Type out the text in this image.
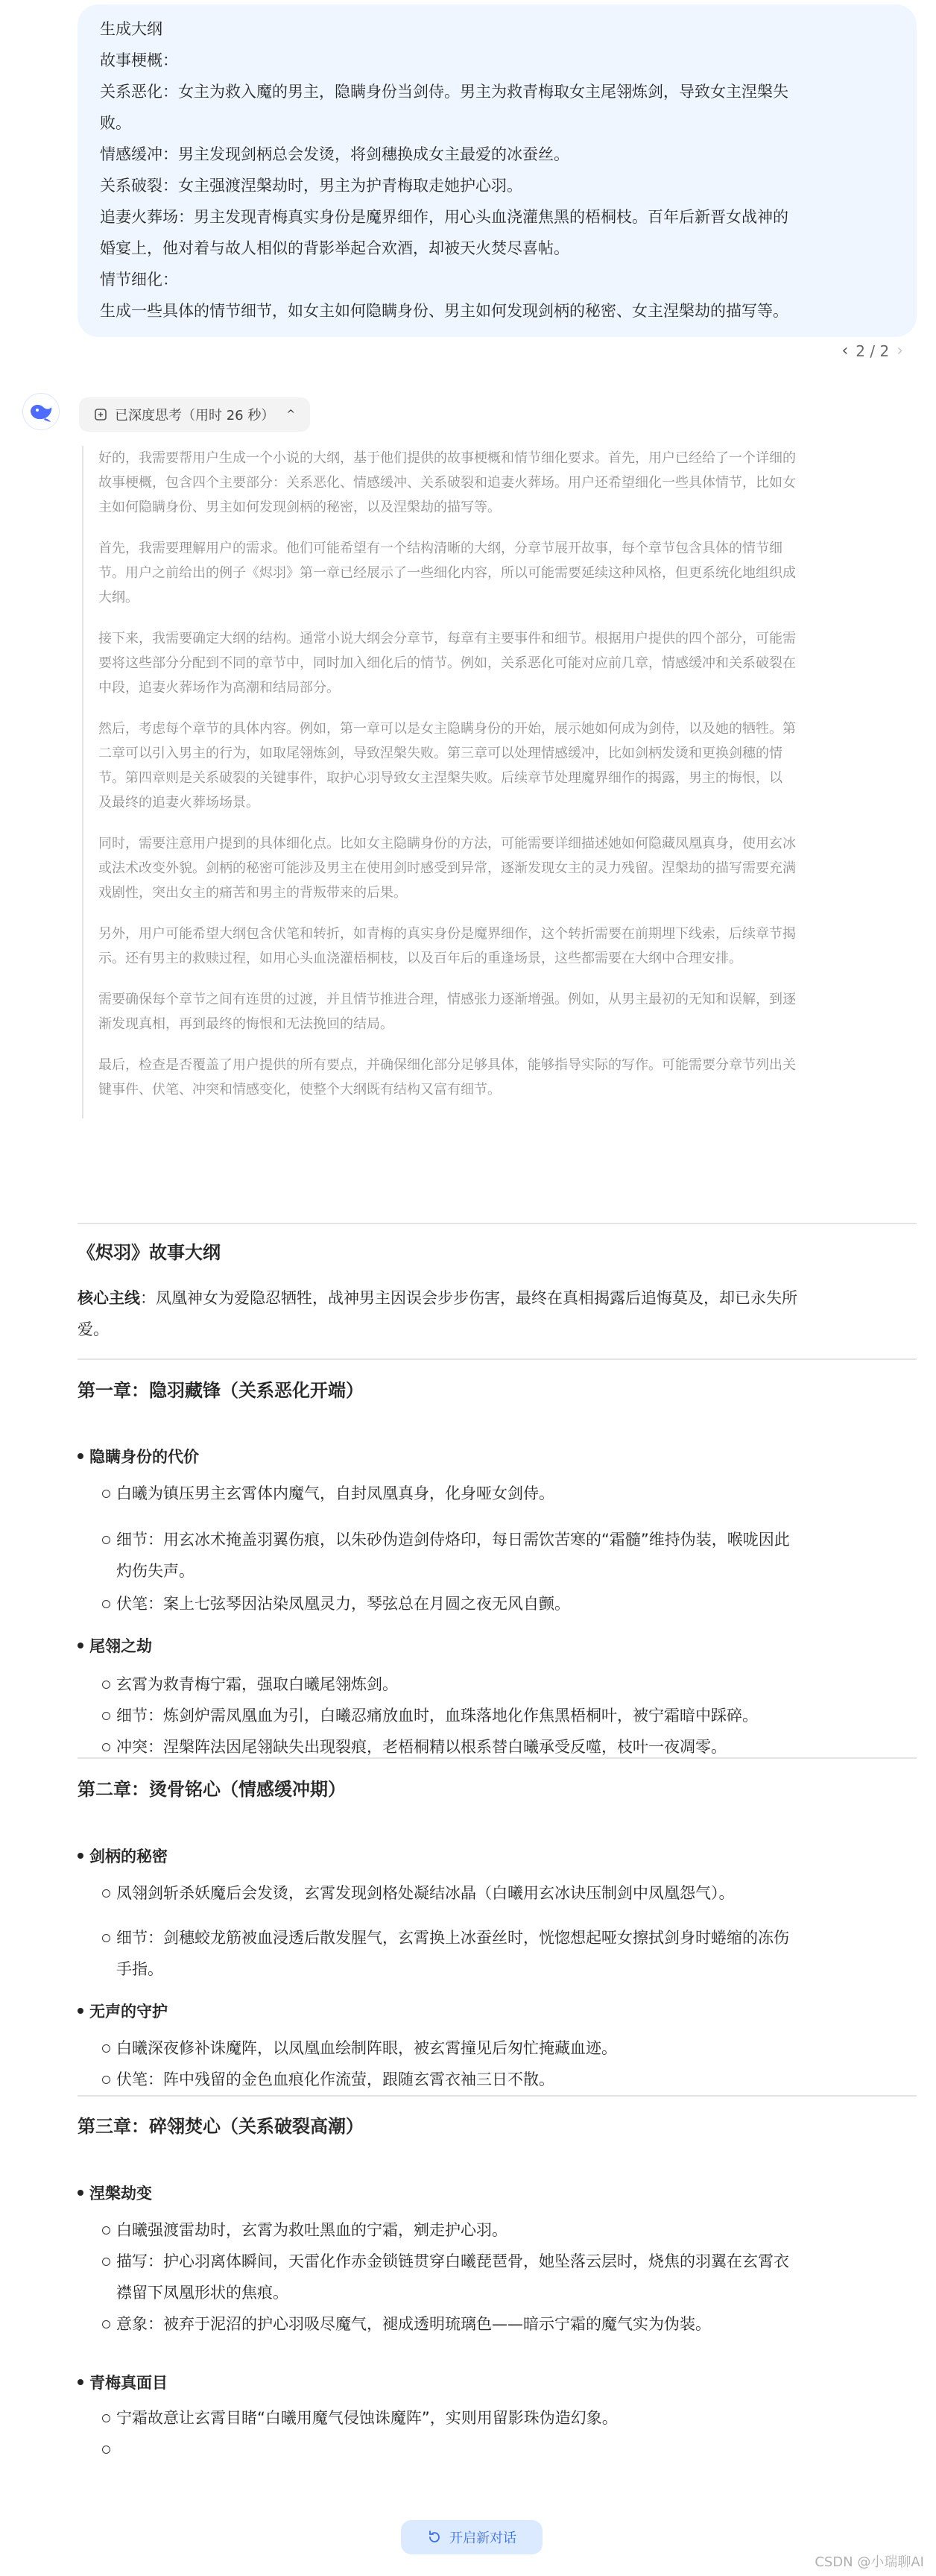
生成大纲

故事梗概：

关系恶化：女主为救入魔的男主，隐瞒身份当剑侍。男主为救青梅取女主尾翎炼剑，导致女主涅槃失

败。

情感缓冲：男主发现剑柄总会发烫，将剑穗换成女主最爱的冰蚕丝。

关系破裂：女主强渡涅槃劫时，男主为护青梅取走她护心羽。

追妻火葬场：男主发现青梅真实身份是魔界细作，用心头血浇灌焦黑的梧桐枝。百年后新晋女战神的

婚宴上，他对着与故人相似的背影举起合欢酒，却被天火焚尽喜帖。

情节细化：

生成一些具体的情节细节，如女主如何隐瞒身份、男主如何发现剑柄的秘密、女主涅槃劫的描写等。

‹ 2 / 2 ›
已深度思考（用时 26 秒） ^

好的，我需要帮用户生成一个小说的大纲，基于他们提供的故事梗概和情节细化要求。首先，用户已经给了一个详细的
故事梗概，包含四个主要部分：关系恶化、情感缓冲、关系破裂和追妻火葬场。用户还希望细化一些具体情节，比如女
主如何隐瞒身份、男主如何发现剑柄的秘密，以及涅槃劫的描写等。

首先，我需要理解用户的需求。他们可能希望有一个结构清晰的大纲，分章节展开故事，每个章节包含具体的情节细
节。用户之前给出的例子《烬羽》第一章已经展示了一些细化内容，所以可能需要延续这种风格，但更系统化地组织成
大纲。

接下来，我需要确定大纲的结构。通常小说大纲会分章节，每章有主要事件和细节。根据用户提供的四个部分，可能需
要将这些部分分配到不同的章节中，同时加入细化后的情节。例如，关系恶化可能对应前几章，情感缓冲和关系破裂在
中段，追妻火葬场作为高潮和结局部分。

然后，考虑每个章节的具体内容。例如，第一章可以是女主隐瞒身份的开始，展示她如何成为剑侍，以及她的牺牲。第
二章可以引入男主的行为，如取尾翎炼剑，导致涅槃失败。第三章可以处理情感缓冲，比如剑柄发烫和更换剑穗的情
节。第四章则是关系破裂的关键事件，取护心羽导致女主涅槃失败。后续章节处理魔界细作的揭露，男主的悔恨，以
及最终的追妻火葬场场景。

同时，需要注意用户提到的具体细化点。比如女主隐瞒身份的方法，可能需要详细描述她如何隐藏凤凰真身，使用玄冰
或法术改变外貌。剑柄的秘密可能涉及男主在使用剑时感受到异常，逐渐发现女主的灵力残留。涅槃劫的描写需要充满
戏剧性，突出女主的痛苦和男主的背叛带来的后果。

另外，用户可能希望大纲包含伏笔和转折，如青梅的真实身份是魔界细作，这个转折需要在前期埋下线索，后续章节揭
示。还有男主的救赎过程，如用心头血浇灌梧桐枝，以及百年后的重逢场景，这些都需要在大纲中合理安排。

需要确保每个章节之间有连贯的过渡，并且情节推进合理，情感张力逐渐增强。例如，从男主最初的无知和误解，到逐
渐发现真相，再到最终的悔恨和无法挽回的结局。

最后，检查是否覆盖了用户提供的所有要点，并确保细化部分足够具体，能够指导实际的写作。可能需要分章节列出关
键事件、伏笔、冲突和情感变化，使整个大纲既有结构又富有细节。

《烬羽》故事大纲
核心主线：凤凰神女为爱隐忍牺牲，战神男主因误会步步伤害，最终在真相揭露后追悔莫及，却已永失所
爱。
第一章：隐羽藏锋（关系恶化开端）
隐瞒身份的代价
白曦为镇压男主玄霄体内魔气，自封凤凰真身，化身哑女剑侍。
细节：用玄冰术掩盖羽翼伤痕，以朱砂伪造剑侍烙印，每日需饮苦寒的“霜髓”维持伪装，喉咙因此
灼伤失声。
伏笔：案上七弦琴因沾染凤凰灵力，琴弦总在月圆之夜无风自颤。
尾翎之劫
玄霄为救青梅宁霜，强取白曦尾翎炼剑。
细节：炼剑炉需凤凰血为引，白曦忍痛放血时，血珠落地化作焦黑梧桐叶，被宁霜暗中踩碎。
冲突：涅槃阵法因尾翎缺失出现裂痕，老梧桐精以根系替白曦承受反噬，枝叶一夜凋零。
第二章：烫骨铭心（情感缓冲期）
剑柄的秘密
凤翎剑斩杀妖魔后会发烫，玄霄发现剑格处凝结冰晶（白曦用玄冰诀压制剑中凤凰怨气）。
细节：剑穗蛟龙筋被血浸透后散发腥气，玄霄换上冰蚕丝时，恍惚想起哑女擦拭剑身时蜷缩的冻伤
手指。
无声的守护
白曦深夜修补诛魔阵，以凤凰血绘制阵眼，被玄霄撞见后匆忙掩藏血迹。
伏笔：阵中残留的金色血痕化作流萤，跟随玄霄衣袖三日不散。
第三章：碎翎焚心（关系破裂高潮）
涅槃劫变
白曦强渡雷劫时，玄霄为救吐黑血的宁霜，剜走护心羽。
描写：护心羽离体瞬间，天雷化作赤金锁链贯穿白曦琵琶骨，她坠落云层时，烧焦的羽翼在玄霄衣
襟留下凤凰形状的焦痕。
意象：被弃于泥沼的护心羽吸尽魔气，褪成透明琉璃色——暗示宁霜的魔气实为伪装。
青梅真面目
宁霜故意让玄霄目睹“白曦用魔气侵蚀诛魔阵”，实则用留影珠伪造幻象。
开启新对话
CSDN @小瑞聊AI
